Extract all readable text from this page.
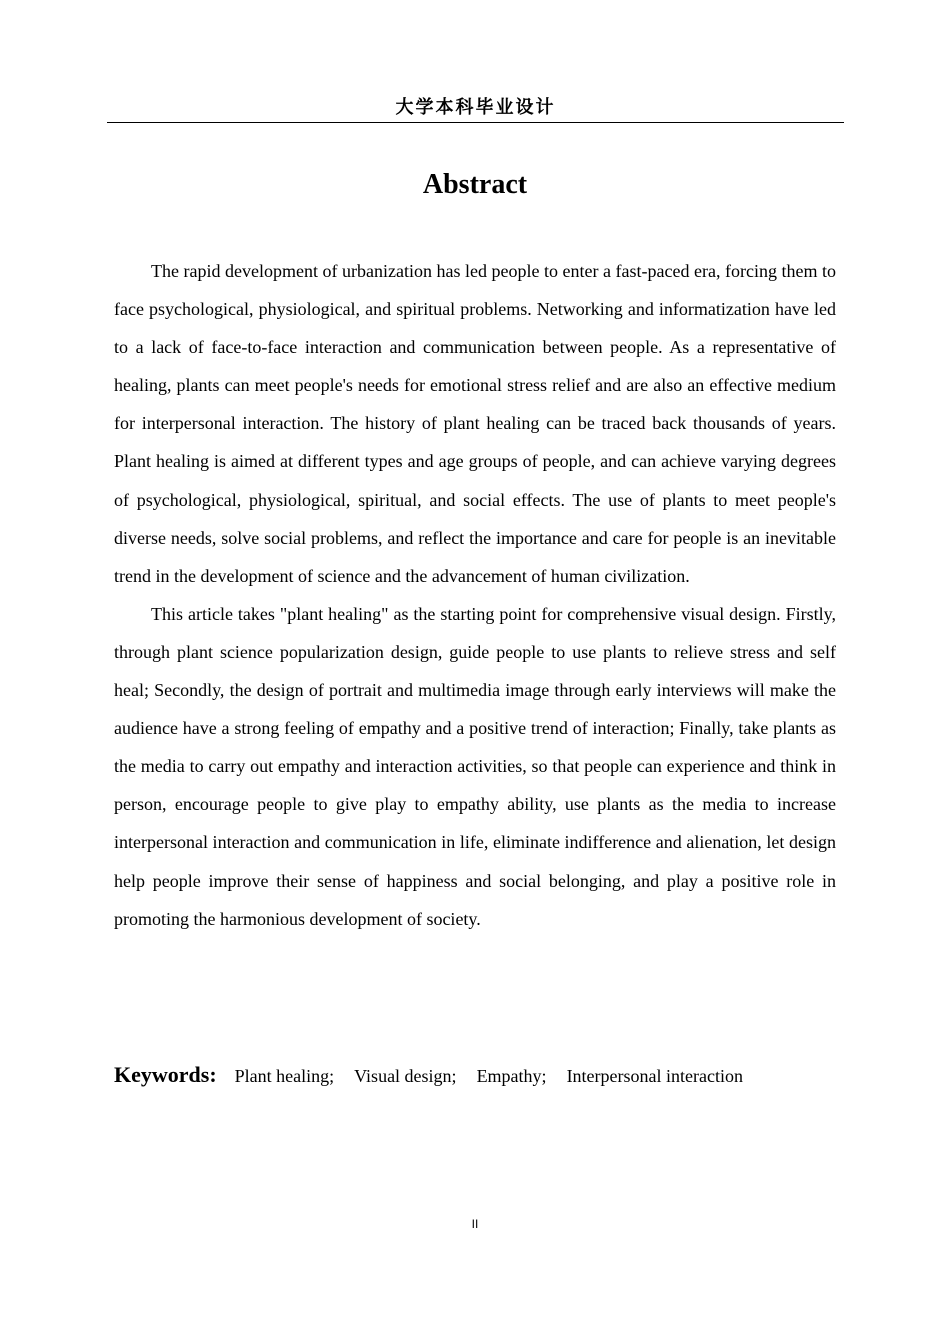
大学本科毕业设计
Abstract

The rapid development of urbanization has led people to enter a fast-paced era, forcing them to face psychological, physiological, and spiritual problems. Networking and informatization have led to a lack of face-to-face interaction and communication between people. As a representative of healing, plants can meet people's needs for emotional stress relief and are also an effective medium for interpersonal interaction. The history of plant healing can be traced back thousands of years. Plant healing is aimed at different types and age groups of people, and can achieve varying degrees of psychological, physiological, spiritual, and social effects. The use of plants to meet people's diverse needs, solve social problems, and reflect the importance and care for people is an inevitable trend in the development of science and the advancement of human civilization.

This article takes "plant healing" as the starting point for comprehensive visual design. Firstly, through plant science popularization design, guide people to use plants to relieve stress and self heal; Secondly, the design of portrait and multimedia image through early interviews will make the audience have a strong feeling of empathy and a positive trend of interaction; Finally, take plants as the media to carry out empathy and interaction activities, so that people can experience and think in person, encourage people to give play to empathy ability, use plants as the media to increase interpersonal interaction and communication in life, eliminate indifference and alienation, let design help people improve their sense of happiness and social belonging, and play a positive role in promoting the harmonious development of society.

Keywords: Plant healing; Visual design; Empathy; Interpersonal interaction
II
